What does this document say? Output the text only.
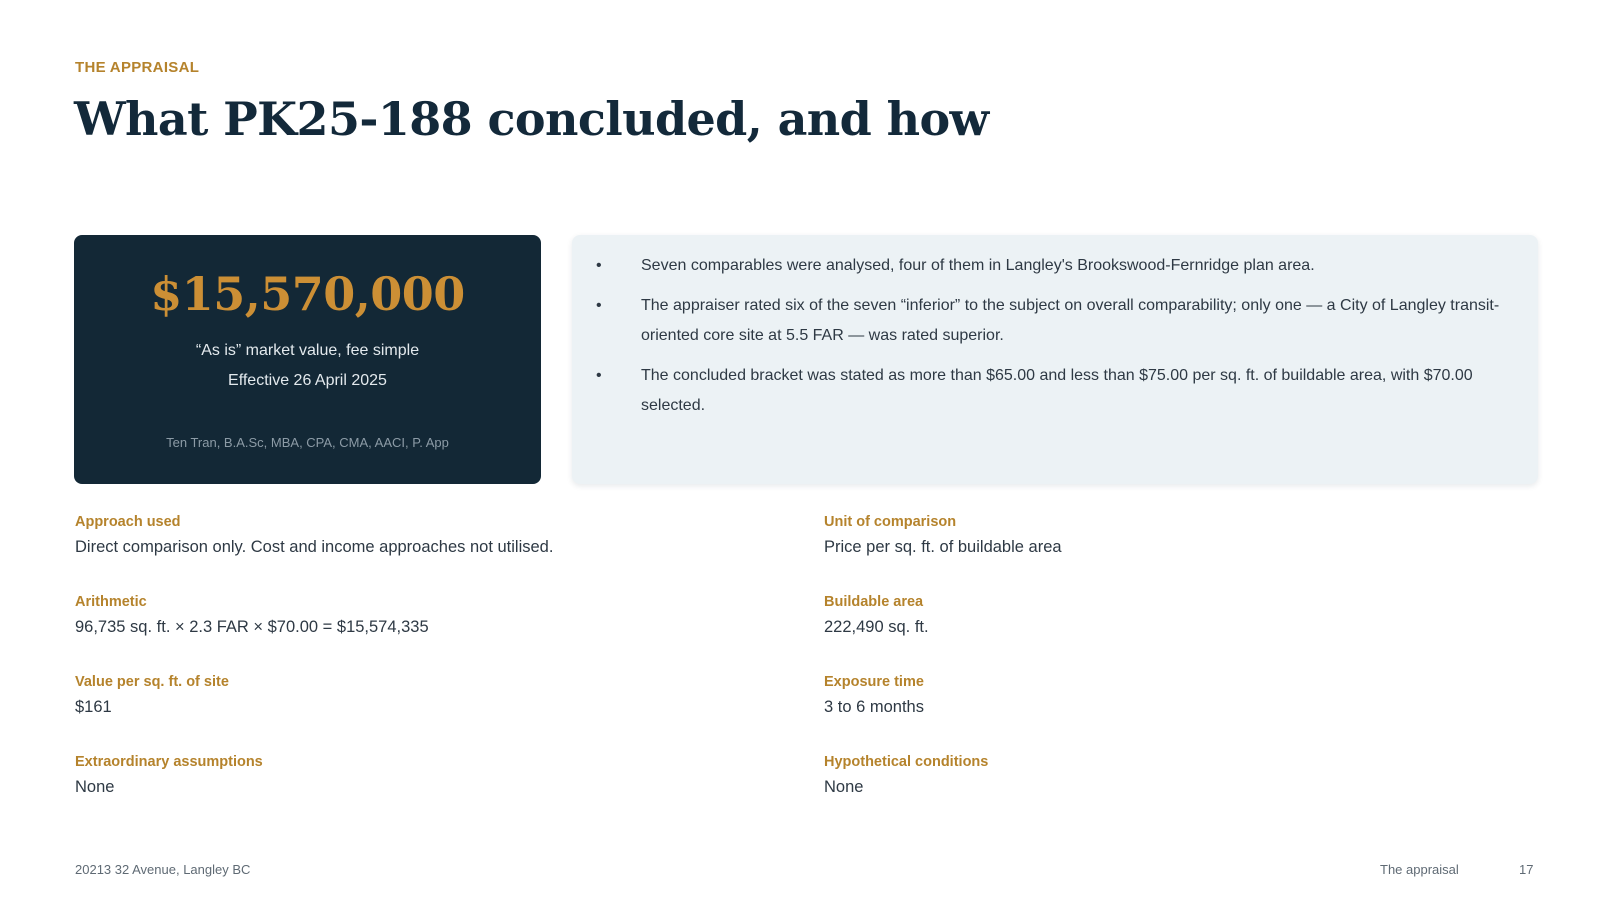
THE APPRAISAL
What PK25-188 concluded, and how
$15,570,000
“As is” market value, fee simple
Effective 26 April 2025
Ten Tran, B.A.Sc, MBA, CPA, CMA, AACI, P. App
•	Seven comparables were analysed, four of them in Langley's Brookswood-Fernridge plan area.
•	The appraiser rated six of the seven “inferior” to the subject on overall comparability; only one — a City of Langley transit-oriented core site at 5.5 FAR — was rated superior.
•	The concluded bracket was stated as more than $65.00 and less than $75.00 per sq. ft. of buildable area, with $70.00 selected.
Approach used
Direct comparison only. Cost and income approaches not utilised.
Unit of comparison
Price per sq. ft. of buildable area
Arithmetic
96,735 sq. ft. × 2.3 FAR × $70.00 = $15,574,335
Buildable area
222,490 sq. ft.
Value per sq. ft. of site
$161
Exposure time
3 to 6 months
Extraordinary assumptions
None
Hypothetical conditions
None
20213 32 Avenue, Langley BC	The appraisal	17
